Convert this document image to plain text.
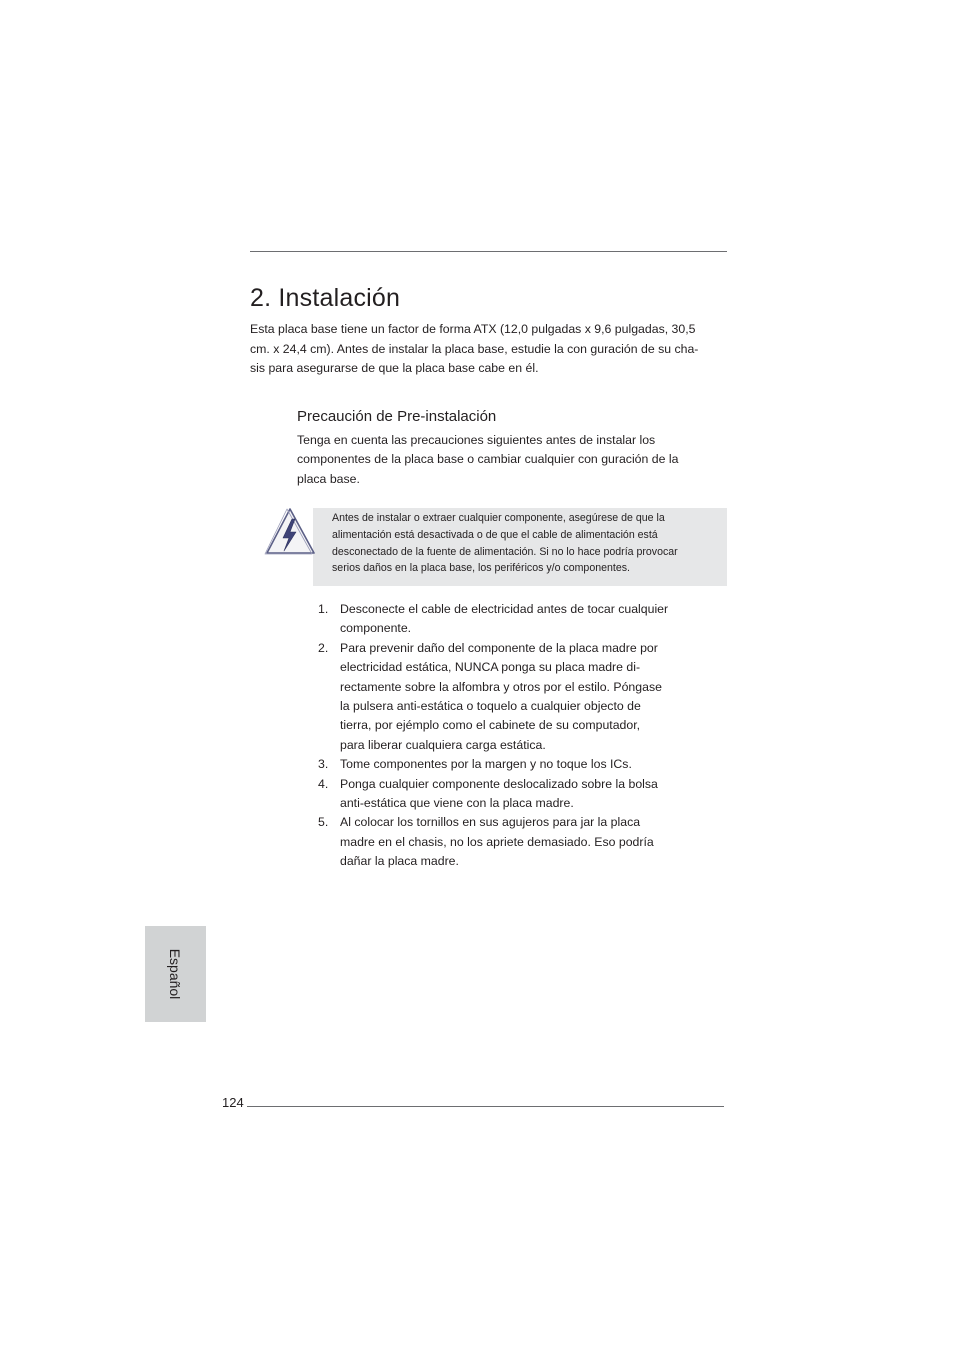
2. Instalación

Esta placa base tiene un factor de forma ATX (12,0 pulgadas x 9,6 pulgadas, 30,5
cm. x 24,4 cm). Antes de instalar la placa base, estudie la con guración de su cha-
sis para asegurarse de que la placa base cabe en él.

Precaución de Pre-instalación

Tenga en cuenta las precauciones siguientes antes de instalar los
componentes de la placa base o cambiar cualquier con guración de la
placa base.

Antes de instalar o extraer cualquier componente, asegúrese de que la
alimentación está desactivada o de que el cable de alimentación está
desconectado de la fuente de alimentación. Si no lo hace podría provocar
serios daños en la placa base, los periféricos y/o componentes.

1. Desconecte el cable de electricidad antes de tocar cualquier
componente.
2. Para prevenir daño del componente de la placa madre por
electricidad estática, NUNCA ponga su placa madre di-
rectamente sobre la alfombra y otros por el estilo. Póngase
la pulsera anti-estática o toquelo a cualquier objecto de
tierra, por ejémplo como el cabinete de su computador,
para liberar cualquiera carga estática.
3. Tome componentes por la margen y no toque los ICs.
4. Ponga cualquier componente deslocalizado sobre la bolsa
anti-estática que viene con la placa madre.
5. Al colocar los tornillos en sus agujeros para jar la placa
madre en el chasis, no los apriete demasiado. Eso podría
dañar la placa madre.
Español
124
